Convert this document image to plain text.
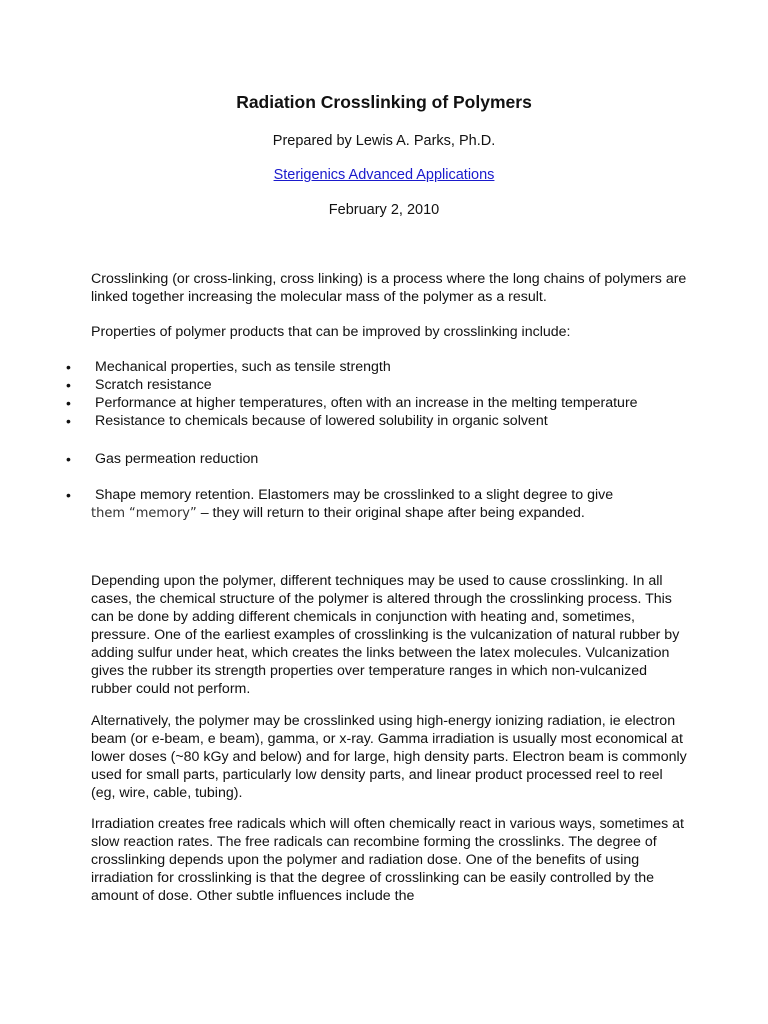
Radiation Crosslinking of Polymers
Prepared by Lewis A. Parks, Ph.D.
Sterigenics Advanced Applications
February 2, 2010

Crosslinking (or cross-linking, cross linking) is a process where the long chains of polymers are linked together increasing the molecular mass of the polymer as a result.

Properties of polymer products that can be improved by crosslinking include:

• Mechanical properties, such as tensile strength
• Scratch resistance
• Performance at higher temperatures, often with an increase in the melting temperature
• Resistance to chemicals because of lowered solubility in organic solvent
• Gas permeation reduction
• Shape memory retention. Elastomers may be crosslinked to a slight degree to give
them “memory” – they will return to their original shape after being expanded.

Depending upon the polymer, different techniques may be used to cause crosslinking. In all cases, the chemical structure of the polymer is altered through the crosslinking process. This can be done by adding different chemicals in conjunction with heating and, sometimes, pressure. One of the earliest examples of crosslinking is the vulcanization of natural rubber by adding sulfur under heat, which creates the links between the latex molecules. Vulcanization gives the rubber its strength properties over temperature ranges in which non-vulcanized rubber could not perform.

Alternatively, the polymer may be crosslinked using high-energy ionizing radiation, ie electron beam (or e-beam, e beam), gamma, or x-ray. Gamma irradiation is usually most economical at lower doses (~80 kGy and below) and for large, high density parts. Electron beam is commonly used for small parts, particularly low density parts, and linear product processed reel to reel (eg, wire, cable, tubing).

Irradiation creates free radicals which will often chemically react in various ways, sometimes at slow reaction rates. The free radicals can recombine forming the crosslinks. The degree of crosslinking depends upon the polymer and radiation dose. One of the benefits of using irradiation for crosslinking is that the degree of crosslinking can be easily controlled by the amount of dose. Other subtle influences include the
